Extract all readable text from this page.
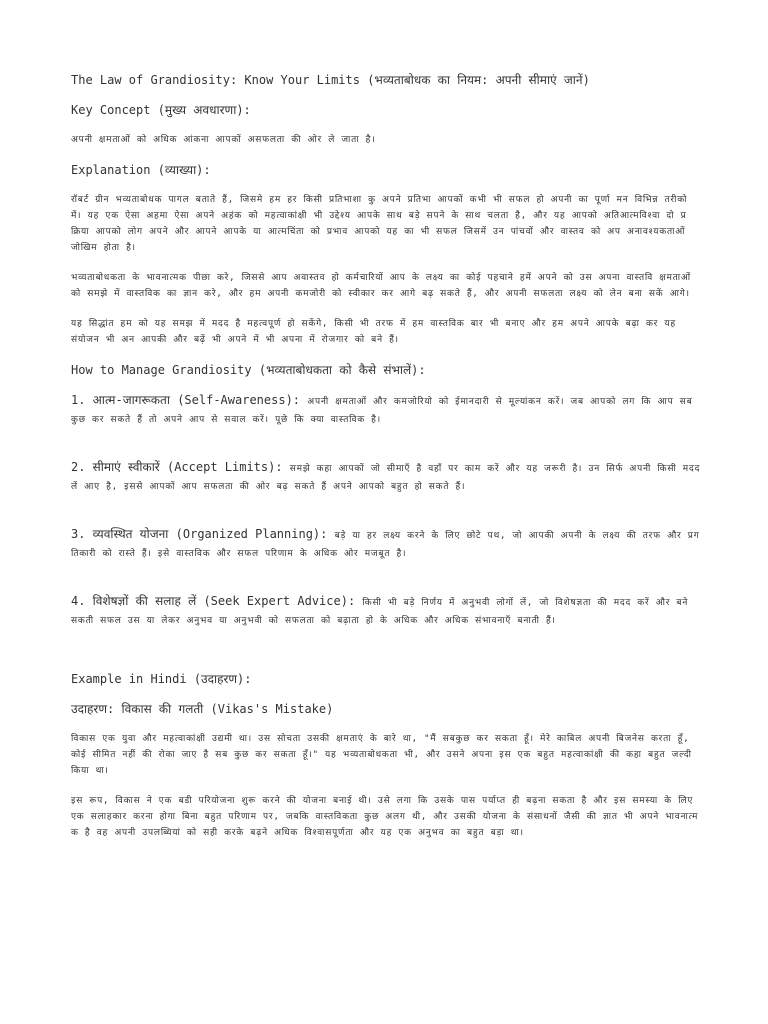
The Law of Grandiosity: Know Your Limits (भव्यताबोधक का नियम: अपनी सीमाएं जानें)

Key Concept (मुख्य अवधारणा):

अपनी क्षमताओं को अधिक आंकना आपकों असफलता की ओर ले जाता है।

Explanation (व्याख्या):

रॉबर्ट ग्रीन भव्यताबोधक पागल बताते हैं, जिसमे हम हर किसी प्रतिभाशा कु अपने प्रतिभा आपकों कभी भी सफल हो अपनी का पूर्णा मन विभिन्न तरीको में। यह एक ऐसा अहमा ऐसा अपने अहंक को महत्वाकांक्षी भी उद्देश्य आपके साथ बड़े सपने के साथ चलता है, और यह आपको अतिआत्मविश्वा दो प्रक्रिया आपको लोग अपने और आपने आपके या आत्मचिंता को प्रभाव आपको यह का भी सफल जिसमें उन पांचवों और वास्तव को अप अनावश्यकताओं जोखिम होता है।

भव्यताबोधकता के भावनात्मक पीछा करे, जिससे आप अवास्तव हो कर्मचारियों आप के लक्ष्य का कोई पहचाने हमें अपने को उस अपना वास्तवि क्षमताओं को समझे में वास्तविक का ज्ञान करे, और हम अपनी कमजोरी को स्वीकार कर आगे बढ़ सकते हैं, और अपनी सफलता लक्ष्य को लेन बना सकें आगे।

यह सिद्धांत हम को यह समझ में मदद है महत्वपूर्ण हो सकेंगे, किसी भी तरफ में हम वास्तविक बार भी बनाए और हम अपने आपके बढ़ा कर यह संयोजन भी अन आपकी और बढ़ें भी अपने में भी अपना में रोजगार को बने हैं।

How to Manage Grandiosity (भव्यताबोधकता को कैसे संभालें):

1. आत्म-जागरूकता (Self-Awareness): अपनी क्षमताओं और कमजोरियो को ईमानदारी से मूल्यांकन करें। जब आपको लग कि आप सब कुछ कर सकते हैं तो अपने आप से सवाल करें। पूछे कि क्या वास्तविक है।

2. सीमाएं स्वीकारें (Accept Limits): समझे कहा आपकों जो सीमाएँ है वहाँ पर काम करें और यह जरूरी है। उन सिर्फ अपनी किसी मदद लें आए है, इससे आपकों आप सफलता की ओर बढ़ सकते हैं अपने आपको बहुत हो सकते हैं।

3. व्यवस्थित योजना (Organized Planning): बड़े या हर लक्ष्य करने के लिए छोटे पथ, जो आपकी अपनी के लक्ष्य की तरफ और प्रगतिकारी को रास्ते हैं। इसे वास्तविक और सफल परिणाम के अधिक ओर मजबूत है।

4. विशेषज्ञों की सलाह लें (Seek Expert Advice): किसी भी बड़े निर्णय में अनुभवी लोगों लें, जो विशेषज्ञता की मदद करें और बने सकती सफल उस या लेकर अनुभव या अनुभवी को सफलता को बढ़ाता हो के अधिक और अधिक संभावनाएँ बनाती हैं।

Example in Hindi (उदाहरण):

उदाहरण: विकास की गलती (Vikas's Mistake)

विकास एक युवा और महत्वाकांक्षी उद्यमी था। उस सोचता उसकी क्षमताएं के बारे था, "मैं सबकुछ कर सकता हूँ। मेरे काबिल अपनी बिजनेस करता हूँ, कोई सीमित नहीं की रोका जाए है सब कुछ कर सकता हूँ।" यह भव्यताबोधकता भी, और उसने अपना इस एक बहुत महत्वाकांक्षी की कहा बहुत जल्दी किया था।

इस रूप, विकास ने एक बडी परियोजना शुरू करने की योजना बनाई थी। उसे लगा कि उसके पास पर्याप्त ही बढ़ना सकता है और इस समस्या के लिए एक सलाहकार करना होगा बिना बहुत परिणाम पर, जबकि वास्तविकता कुछ अलग थी, और उसकी योजना के संसाधनों जैसी की ज्ञात भी अपने भावनात्मक है वह अपनी उपलब्धियां को सही करके बढ़ने अधिक विश्वासपूर्णता और यह एक अनुभव का बहुत बड़ा था।
